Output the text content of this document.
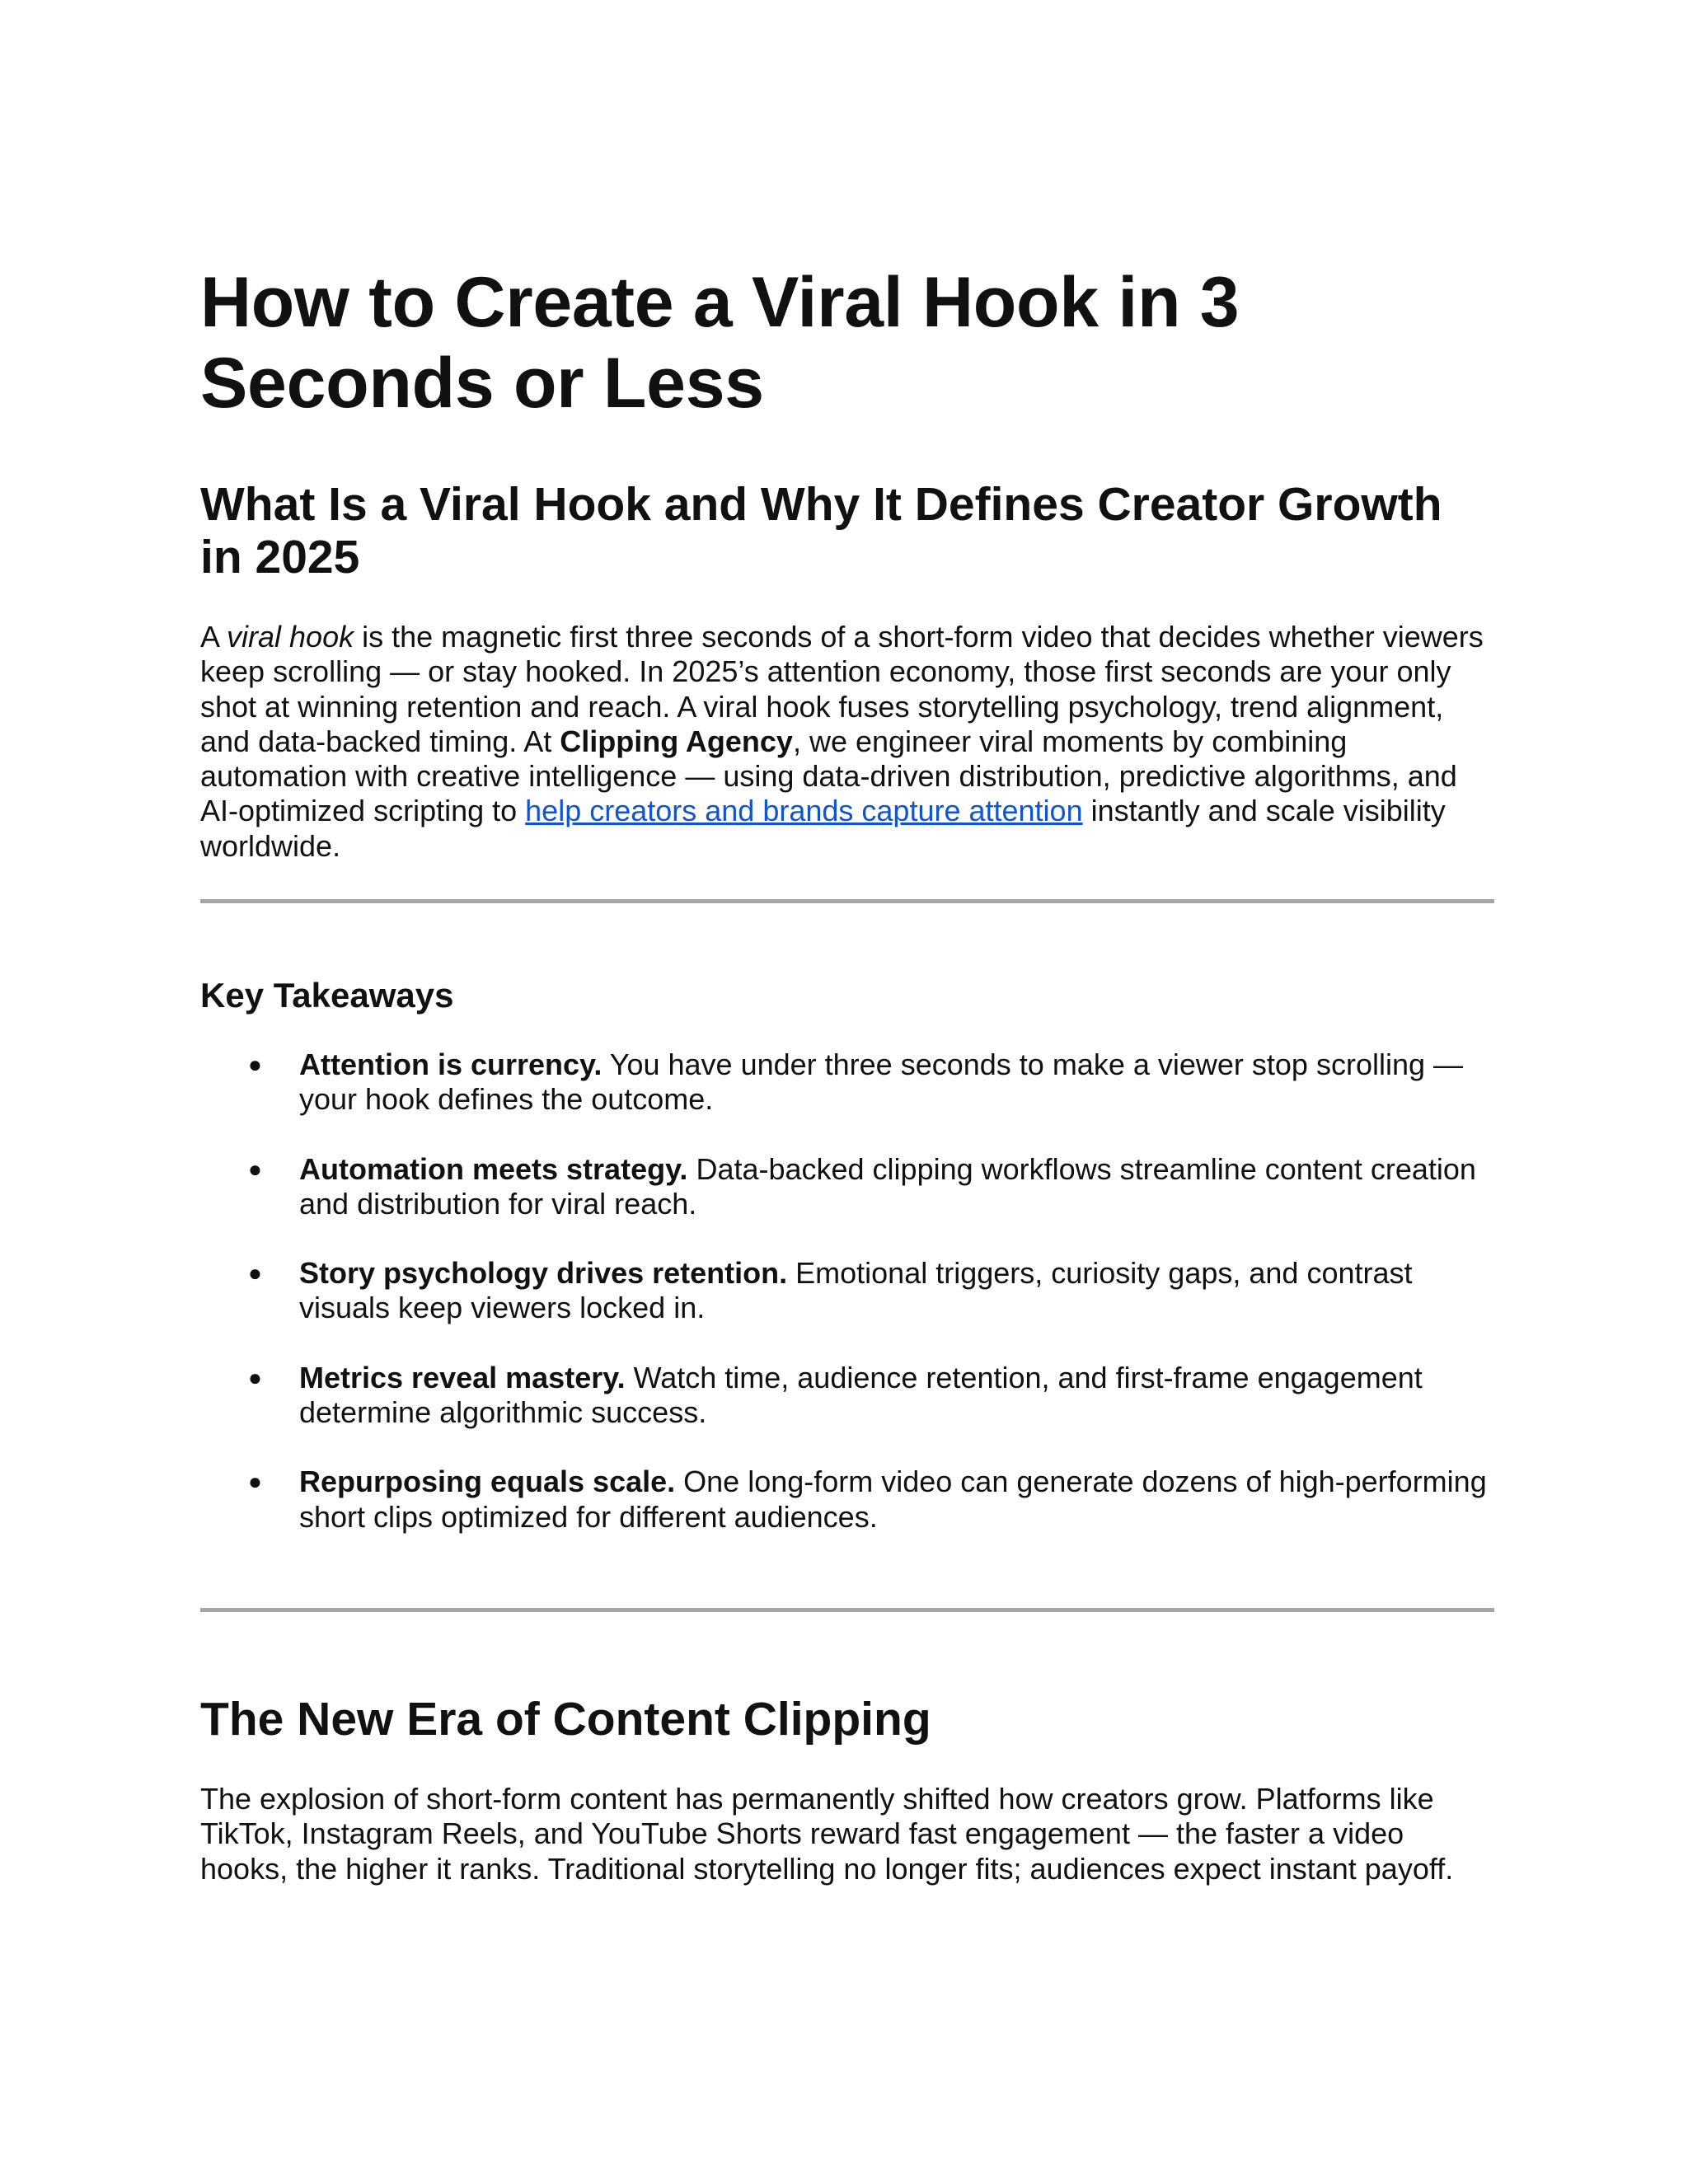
How to Create a Viral Hook in 3 Seconds or Less
What Is a Viral Hook and Why It Defines Creator Growth in 2025

A viral hook is the magnetic first three seconds of a short-form video that decides whether viewers keep scrolling — or stay hooked. In 2025’s attention economy, those first seconds are your only shot at winning retention and reach. A viral hook fuses storytelling psychology, trend alignment, and data-backed timing. At Clipping Agency, we engineer viral moments by combining automation with creative intelligence — using data-driven distribution, predictive algorithms, and AI-optimized scripting to help creators and brands capture attention instantly and scale visibility worldwide.

Key Takeaways
● Attention is currency. You have under three seconds to make a viewer stop scrolling — your hook defines the outcome.
● Automation meets strategy. Data-backed clipping workflows streamline content creation and distribution for viral reach.
● Story psychology drives retention. Emotional triggers, curiosity gaps, and contrast visuals keep viewers locked in.
● Metrics reveal mastery. Watch time, audience retention, and first-frame engagement determine algorithmic success.
● Repurposing equals scale. One long-form video can generate dozens of high-performing short clips optimized for different audiences.
The New Era of Content Clipping

The explosion of short-form content has permanently shifted how creators grow. Platforms like TikTok, Instagram Reels, and YouTube Shorts reward fast engagement — the faster a video hooks, the higher it ranks. Traditional storytelling no longer fits; audiences expect instant payoff.
